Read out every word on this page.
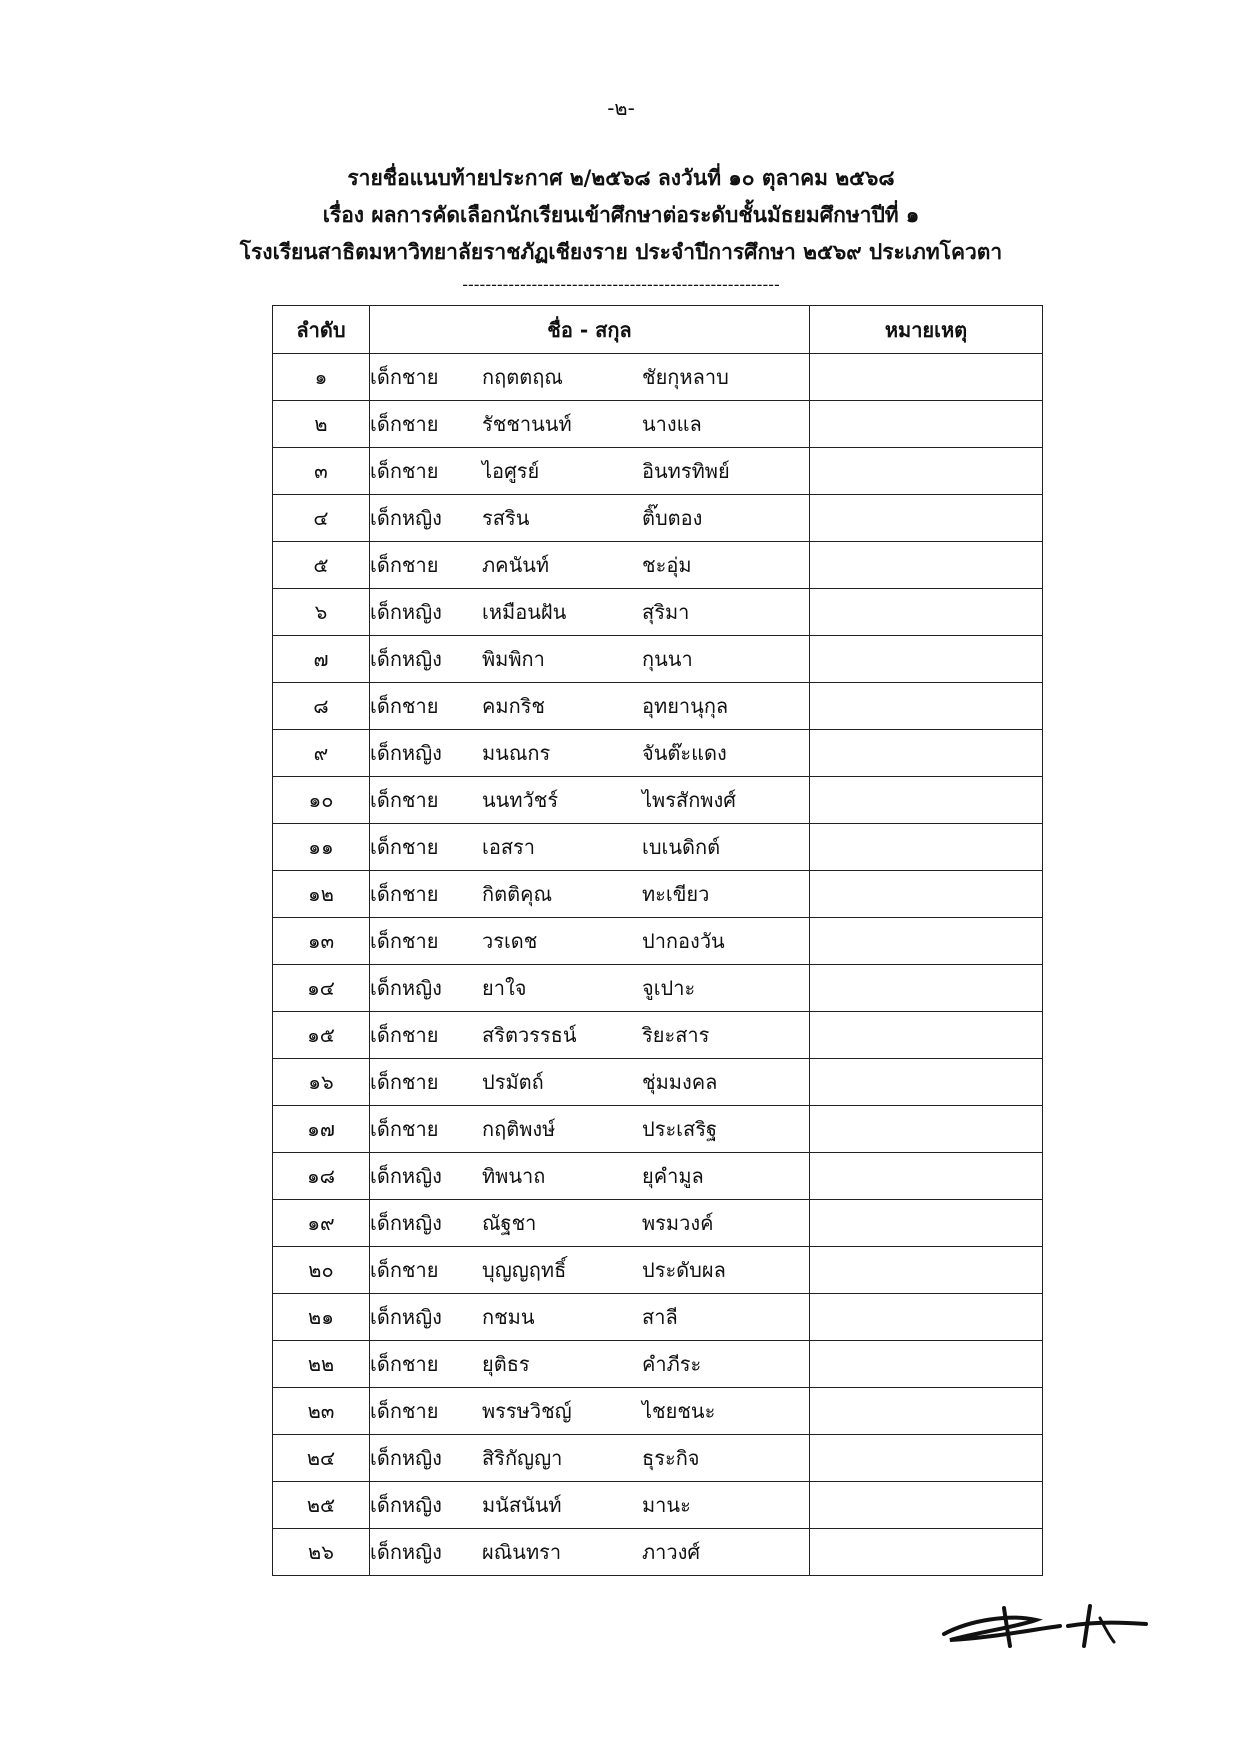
-๒-
รายชื่อแนบท้ายประกาศ ๒/๒๕๖๘ ลงวันที่ ๑๐ ตุลาคม ๒๕๖๘
เรื่อง ผลการคัดเลือกนักเรียนเข้าศึกษาต่อระดับชั้นมัธยมศึกษาปีที่ ๑
โรงเรียนสาธิตมหาวิทยาลัยราชภัฏเชียงราย ประจำปีการศึกษา ๒๕๖๙ ประเภทโควตา
-------------------------------------------------------
ลำดับ	ชื่อ - สกุล	หมายเหตุ
๑	เด็กชาย กฤตตฤณ ชัยกุหลาบ	
๒	เด็กชาย รัชชานนท์ นางแล	
๓	เด็กชาย ไอศูรย์ อินทรทิพย์	
๔	เด็กหญิง รสริน ติ๊บตอง	
๕	เด็กชาย ภคนันท์ ชะอุ่ม	
๖	เด็กหญิง เหมือนฝัน สุริมา	
๗	เด็กหญิง พิมพิกา กุนนา	
๘	เด็กชาย คมกริช อุทยานุกุล	
๙	เด็กหญิง มนณกร จันต๊ะแดง	
๑๐	เด็กชาย นนทวัชร์ ไพรสักพงศ์	
๑๑	เด็กชาย เอสรา เบเนดิกต์	
๑๒	เด็กชาย กิตติคุณ ทะเขียว	
๑๓	เด็กชาย วรเดช ปากองวัน	
๑๔	เด็กหญิง ยาใจ จูเปาะ	
๑๕	เด็กชาย สริตวรรธน์ ริยะสาร	
๑๖	เด็กชาย ปรมัตถ์ ชุ่มมงคล	
๑๗	เด็กชาย กฤติพงษ์ ประเสริฐ	
๑๘	เด็กหญิง ทิพนาถ ยุคำมูล	
๑๙	เด็กหญิง ณัฐชา พรมวงค์	
๒๐	เด็กชาย บุญญฤทธิ์ ประดับผล	
๒๑	เด็กหญิง กชมน สาลี	
๒๒	เด็กชาย ยุติธร คำภีระ	
๒๓	เด็กชาย พรรษวิชญ์ ไชยชนะ	
๒๔	เด็กหญิง สิริกัญญา ธุระกิจ	
๒๕	เด็กหญิง มนัสนันท์ มานะ	
๒๖	เด็กหญิง ผณินทรา ภาวงศ์	
